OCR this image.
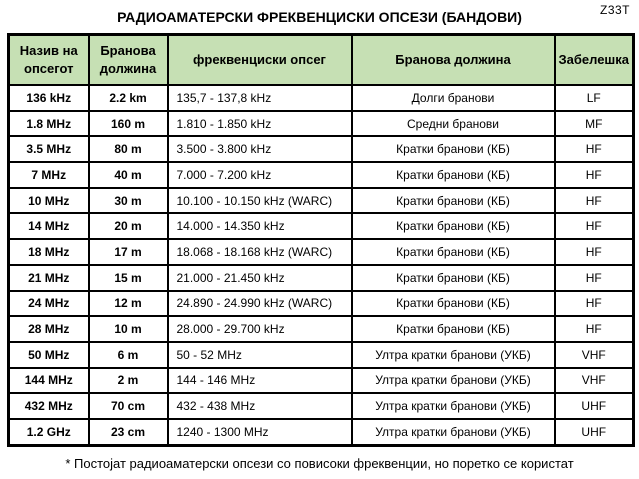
Z33T
РАДИОАМАТЕРСКИ ФРЕКВЕНЦИСКИ ОПСЕЗИ (БАНДОВИ)
Назив на опсегот	Бранова должина	фреквенциски опсег	Бранова должина	Забелешка
136 kHz	2.2 km	135,7 - 137,8 kHz	Долги бранови	LF
1.8 MHz	160 m	1.810 - 1.850 kHz	Средни бранови	MF
3.5 MHz	80 m	3.500 - 3.800 kHz	Кратки бранови (КБ)	HF
7 MHz	40 m	7.000 - 7.200 kHz	Кратки бранови (КБ)	HF
10 MHz	30 m	10.100 - 10.150 kHz (WARC)	Кратки бранови (КБ)	HF
14 MHz	20 m	14.000 - 14.350 kHz	Кратки бранови (КБ)	HF
18 MHz	17 m	18.068 - 18.168 kHz (WARC)	Кратки бранови (КБ)	HF
21 MHz	15 m	21.000 - 21.450 kHz	Кратки бранови (КБ)	HF
24 MHz	12 m	24.890 - 24.990 kHz (WARC)	Кратки бранови (КБ)	HF
28 MHz	10 m	28.000 - 29.700 kHz	Кратки бранови (КБ)	HF
50 MHz	6 m	50 - 52 MHz	Ултра кратки бранови (УКБ)	VHF
144 MHz	2 m	144 - 146 MHz	Ултра кратки бранови (УКБ)	VHF
432 MHz	70 cm	432 - 438 MHz	Ултра кратки бранови (УКБ)	UHF
1.2 GHz	23 cm	1240 - 1300 MHz	Ултра кратки бранови (УКБ)	UHF
* Постојат радиоаматерски опсези со повисоки фреквенции, но поретко се користат
